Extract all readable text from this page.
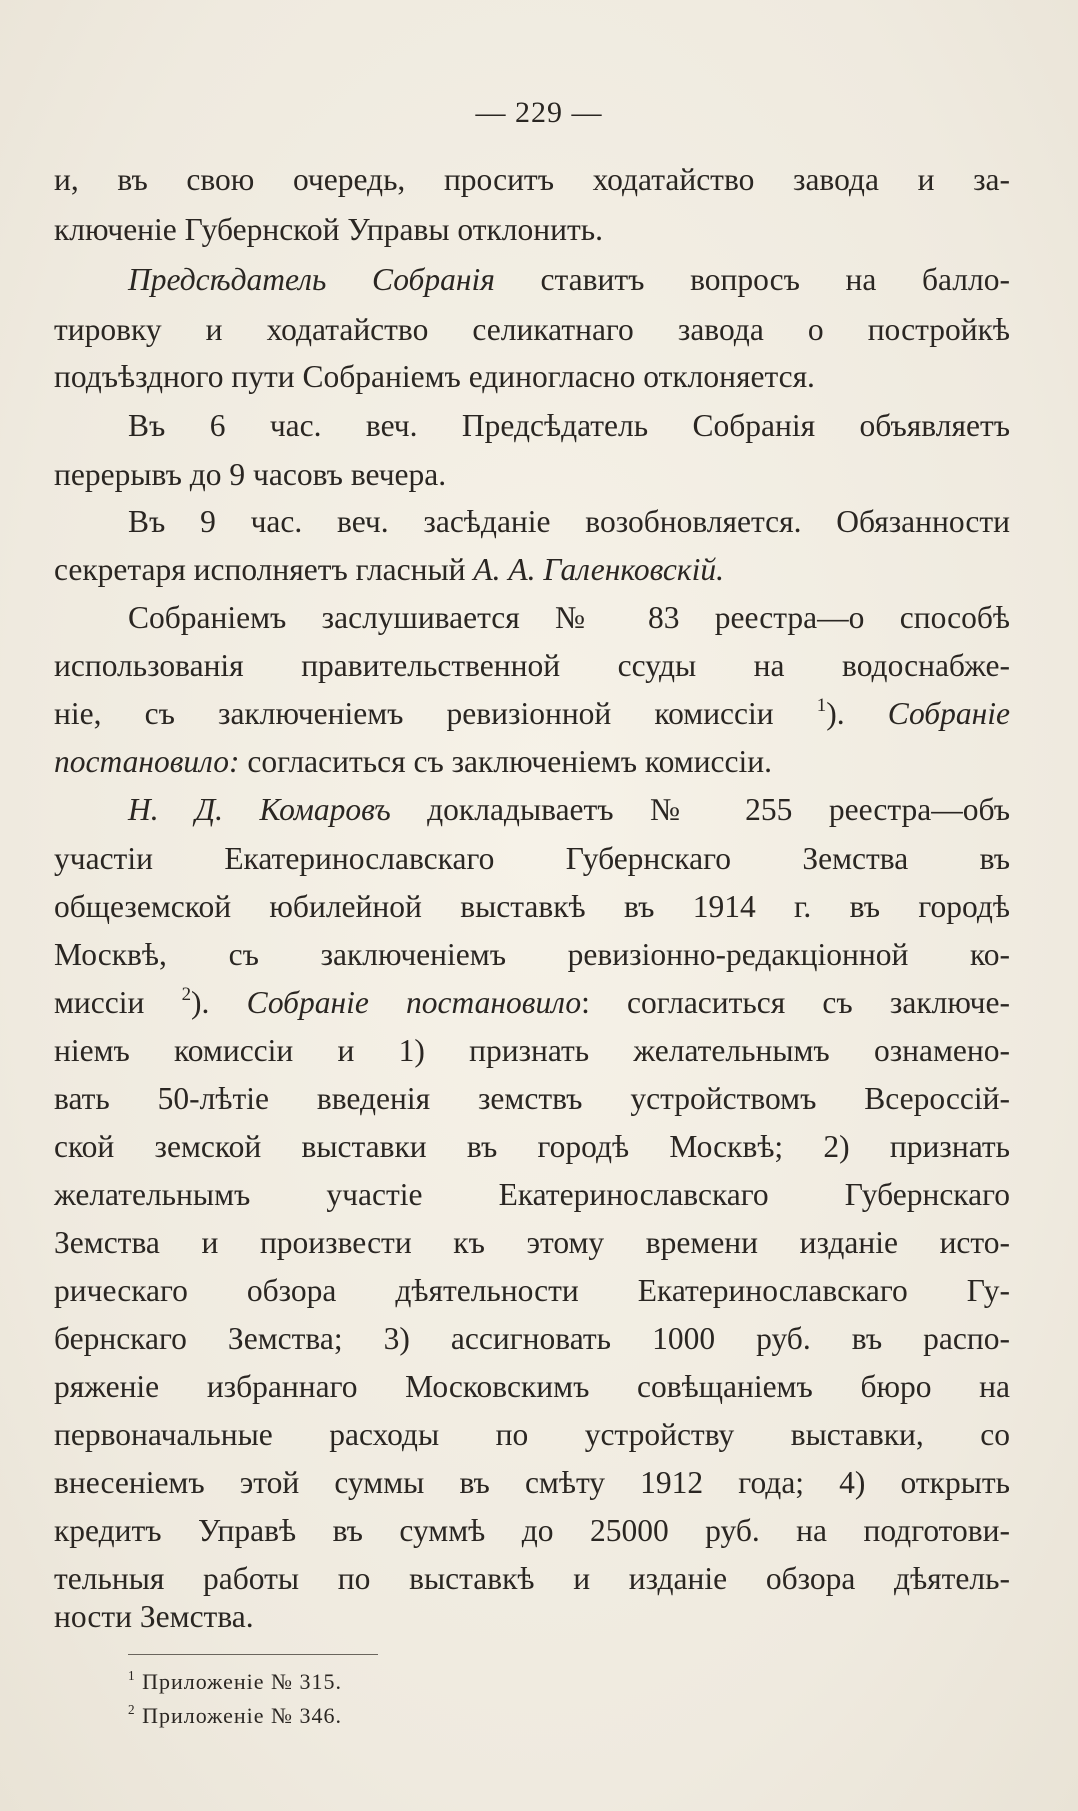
— 229 —
и, въ свою очередь, проситъ ходатайство завода и за-
ключеніе Губернской Управы отклонить.
Предсѣдатель Собранія ставитъ вопросъ на балло-
тировку и ходатайство селикатнаго завода о постройкѣ
подъѣздного пути Собраніемъ единогласно отклоняется.
Въ 6 час. веч. Предсѣдатель Собранія объявляетъ
перерывъ до 9 часовъ вечера.
Въ 9 час. веч. засѣданіе возобновляется. Обязанности
секретаря исполняетъ гласный А. А. Галенковскій.
Собраніемъ заслушивается № 83 реестра—о способѣ
использованія правительственной ссуды на водоснабже-
ніе, съ заключеніемъ ревизіонной комиссіи $^1$). Собраніе
постановило: согласиться съ заключеніемъ комиссіи.
Н. Д. Комаровъ докладываетъ № 255 реестра—объ
участіи Екатеринославскаго Губернскаго Земства въ
общеземской юбилейной выставкѣ въ 1914 г. въ городѣ
Москвѣ, съ заключеніемъ ревизіонно-редакціонной ко-
миссіи $^2$). Собраніе постановило: согласиться съ заключе-
ніемъ комиссіи и 1) признать желательнымъ ознамено-
вать 50-лѣтіе введенія земствъ устройствомъ Всероссій-
ской земской выставки въ городѣ Москвѣ; 2) признать
желательнымъ участіе Екатеринославскаго Губернскаго
Земства и произвести къ этому времени изданіе исто-
рическаго обзора дѣятельности Екатеринославскаго Гу-
бернскаго Земства; 3) ассигновать 1000 руб. въ распо-
ряженіе избраннаго Московскимъ совѣщаніемъ бюро на
первоначальные расходы по устройству выставки, со
внесеніемъ этой суммы въ смѣту 1912 года; 4) открыть
кредитъ Управѣ въ суммѣ до 25000 руб. на подготови-
тельныя работы по выставкѣ и изданіе обзора дѣятель-
ности Земства.
$^1$ Приложеніе № 315.
$^2$ Приложеніе № 346.
